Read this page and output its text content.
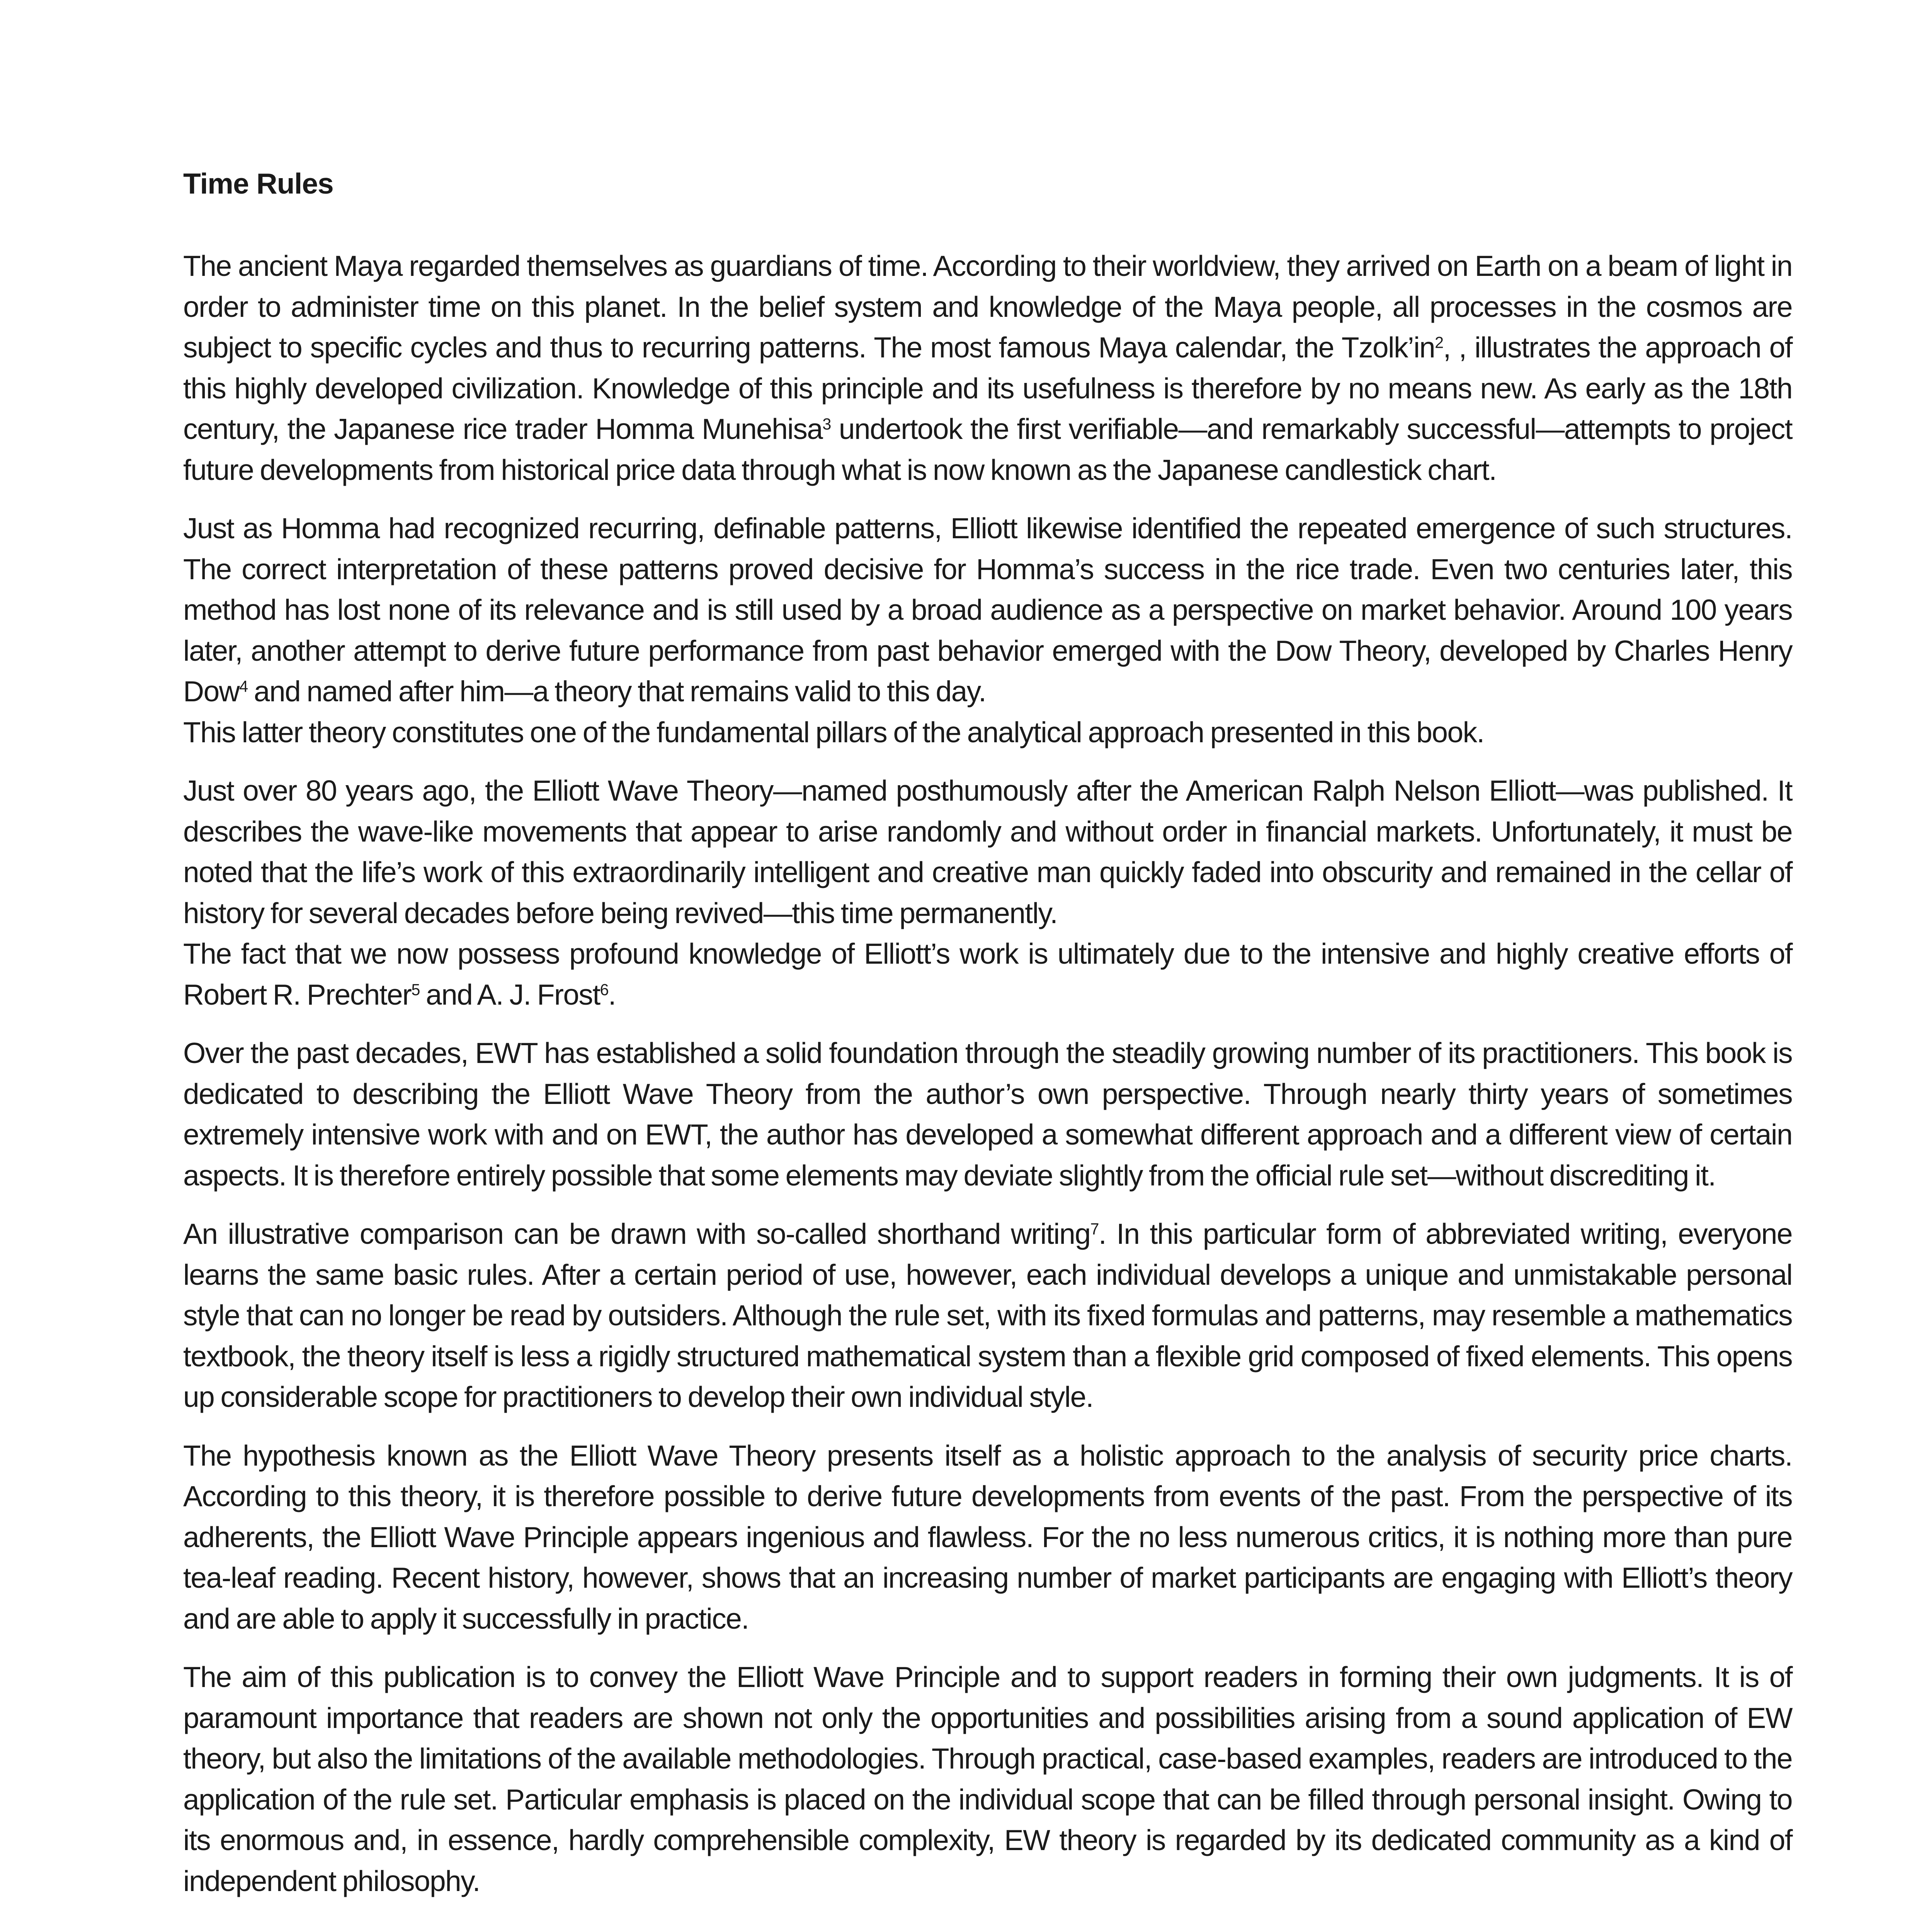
Time Rules

The ancient Maya regarded themselves as guardians of time. According to their worldview, they arrived on Earth on a beam of light in order to administer time on this planet. In the belief system and knowledge of the Maya people, all processes in the cosmos are subject to specific cycles and thus to recurring patterns. The most famous Maya calendar, the $Tzolk’in^2$, , illustrates the approach of this highly developed civilization. Knowledge of this principle and its usefulness is therefore by no means new. As early as the 18th century, the Japanese rice trader Homma Munehisa$^3$ undertook the first verifiable—and remarkably successful—attempts to project future developments from historical price data through what is now known as the Japanese candlestick chart.

Just as Homma had recognized recurring, definable patterns, Elliott likewise identified the repeated emergence of such structures. The correct interpretation of these patterns proved decisive for Homma’s success in the rice trade. Even two centuries later, this method has lost none of its relevance and is still used by a broad audience as a perspective on market behavior. Around 100 years later, another attempt to derive future performance from past behavior emerged with the Dow Theory, developed by Charles Henry Dow$^4$ and named after him—a theory that remains valid to this day.
This latter theory constitutes one of the fundamental pillars of the analytical approach presented in this book.

Just over 80 years ago, the Elliott Wave Theory—named posthumously after the American Ralph Nelson Elliott—was published. It describes the wave-like movements that appear to arise randomly and without order in financial markets. Unfortunately, it must be noted that the life’s work of this extraordinarily intelligent and creative man quickly faded into obscurity and remained in the cellar of history for several decades before being revived—this time permanently.
The fact that we now possess profound knowledge of Elliott’s work is ultimately due to the intensive and highly creative efforts of Robert R. Prechter$^5$ and A. J. Frost$^6$.

Over the past decades, EWT has established a solid foundation through the steadily growing number of its practitioners. This book is dedicated to describing the Elliott Wave Theory from the author’s own perspective. Through nearly thirty years of sometimes extremely intensive work with and on EWT, the author has developed a somewhat different approach and a different view of certain aspects. It is therefore entirely possible that some elements may deviate slightly from the official rule set—without discrediting it.

An illustrative comparison can be drawn with so-called shorthand writing$^7$. In this particular form of abbreviated writing, everyone learns the same basic rules. After a certain period of use, however, each individual develops a unique and unmistakable personal style that can no longer be read by outsiders. Although the rule set, with its fixed formulas and patterns, may resemble a mathematics textbook, the theory itself is less a rigidly structured mathematical system than a flexible grid composed of fixed elements. This opens up considerable scope for practitioners to develop their own individual style.

The hypothesis known as the Elliott Wave Theory presents itself as a holistic approach to the analysis of security price charts. According to this theory, it is therefore possible to derive future developments from events of the past. From the perspective of its adherents, the Elliott Wave Principle appears ingenious and flawless. For the no less numerous critics, it is nothing more than pure tea-leaf reading. Recent history, however, shows that an increasing number of market participants are engaging with Elliott’s theory and are able to apply it successfully in practice.

The aim of this publication is to convey the Elliott Wave Principle and to support readers in forming their own judgments. It is of paramount importance that readers are shown not only the opportunities and possibilities arising from a sound application of EW theory, but also the limitations of the available methodologies. Through practical, case-based examples, readers are introduced to the application of the rule set. Particular emphasis is placed on the individual scope that can be filled through personal insight. Owing to its enormous and, in essence, hardly comprehensible complexity, EW theory is regarded by its dedicated community as a kind of independent philosophy.
